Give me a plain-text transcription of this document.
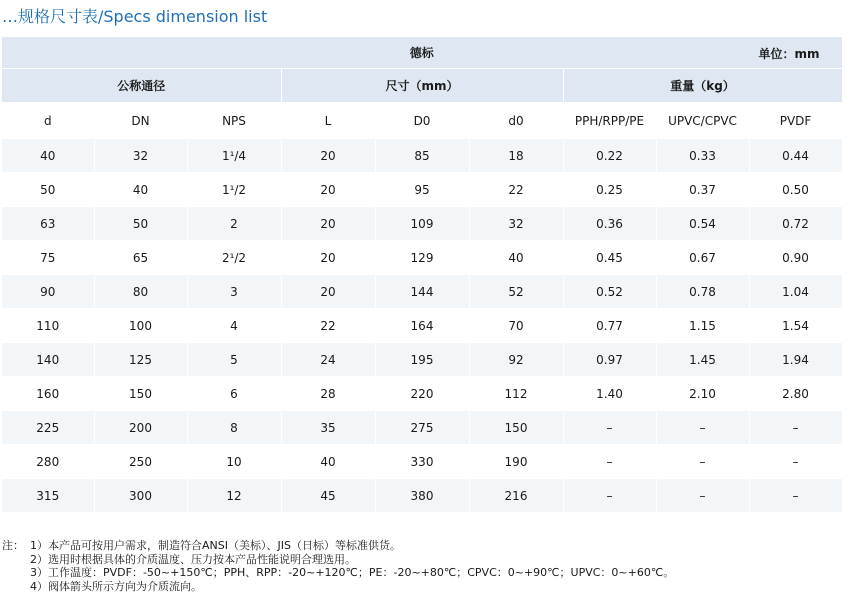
…规格尺寸表/Specs dimension list
德标 单位：mm								

公称通径			尺寸（mm）			重量（kg）		
d	DN	NPS	L	D0	d0	PPH/RPP/PE	UPVC/CPVC	PVDF
40	32	1¹/4	20	85	18	0.22	0.33	0.44
50	40	1¹/2	20	95	22	0.25	0.37	0.50
63	50	2	20	109	32	0.36	0.54	0.72
75	65	2¹/2	20	129	40	0.45	0.67	0.90
90	80	3	20	144	52	0.52	0.78	1.04
110	100	4	22	164	70	0.77	1.15	1.54
140	125	5	24	195	92	0.97	1.45	1.94
160	150	6	28	220	112	1.40	2.10	2.80
225	200	8	35	275	150	–	–	–
280	250	10	40	330	190	–	–	–
315	300	12	45	380	216	–	–	–
注： 1）本产品可按用户需求，制造符合ANSI（美标）、JIS（日标）等标准供货。
2）选用时根据具体的介质温度、压力按本产品性能说明合理选用。
3）工作温度：PVDF：-50~+150℃；PPH、RPP：-20~+120℃；PE：-20~+80℃；CPVC：0~+90℃；UPVC：0~+60℃。
4）阀体箭头所示方向为介质流向。
